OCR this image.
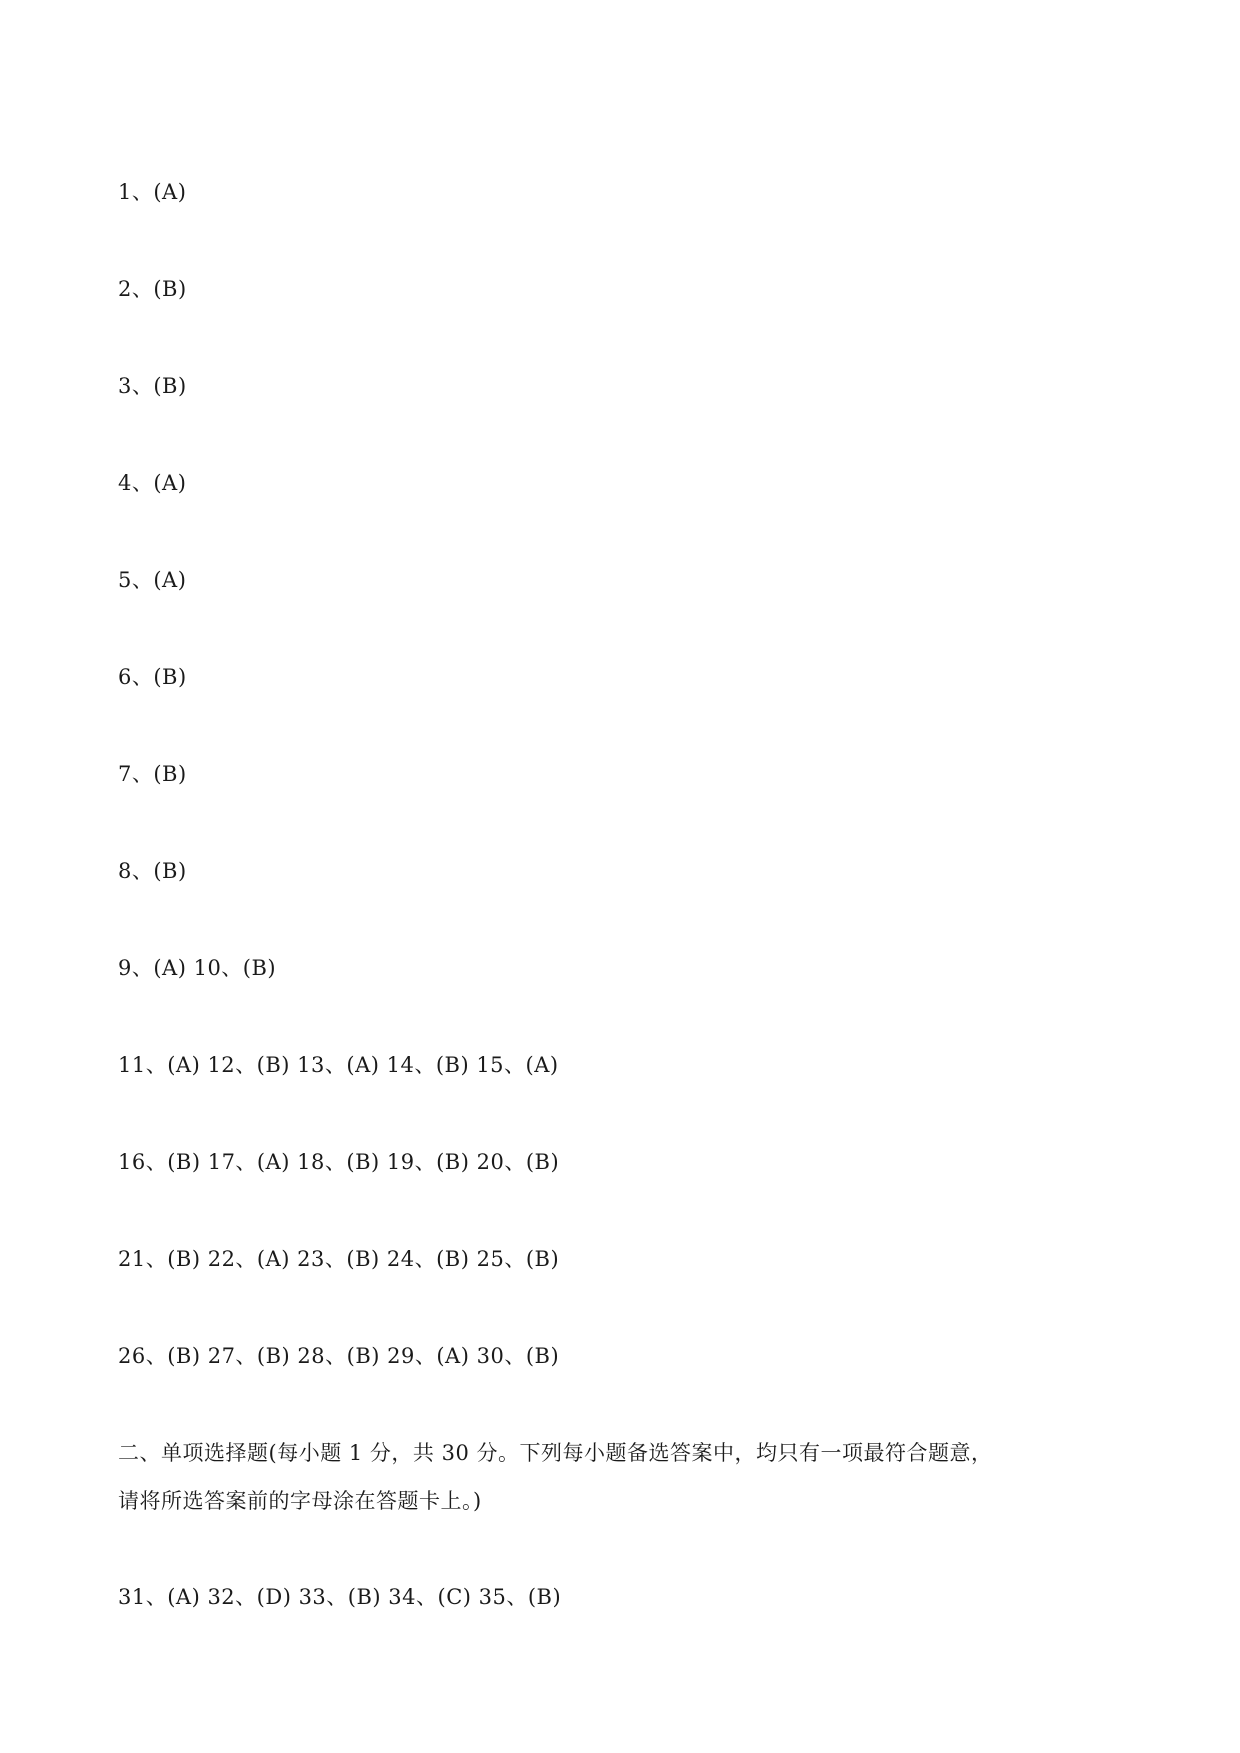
1、(A)
2、(B)
3、(B)
4、(A)
5、(A)
6、(B)
7、(B)
8、(B)
9、(A) 10、(B)
11、(A) 12、(B) 13、(A) 14、(B) 15、(A)
16、(B) 17、(A) 18、(B) 19、(B) 20、(B)
21、(B) 22、(A) 23、(B) 24、(B) 25、(B)
26、(B) 27、(B) 28、(B) 29、(A) 30、(B)
二、单项选择题(每小题 1 分，共 30 分。下列每小题备选答案中，均只有一项最符合题意，
请将所选答案前的字母涂在答题卡上。)
31、(A) 32、(D) 33、(B) 34、(C) 35、(B)
